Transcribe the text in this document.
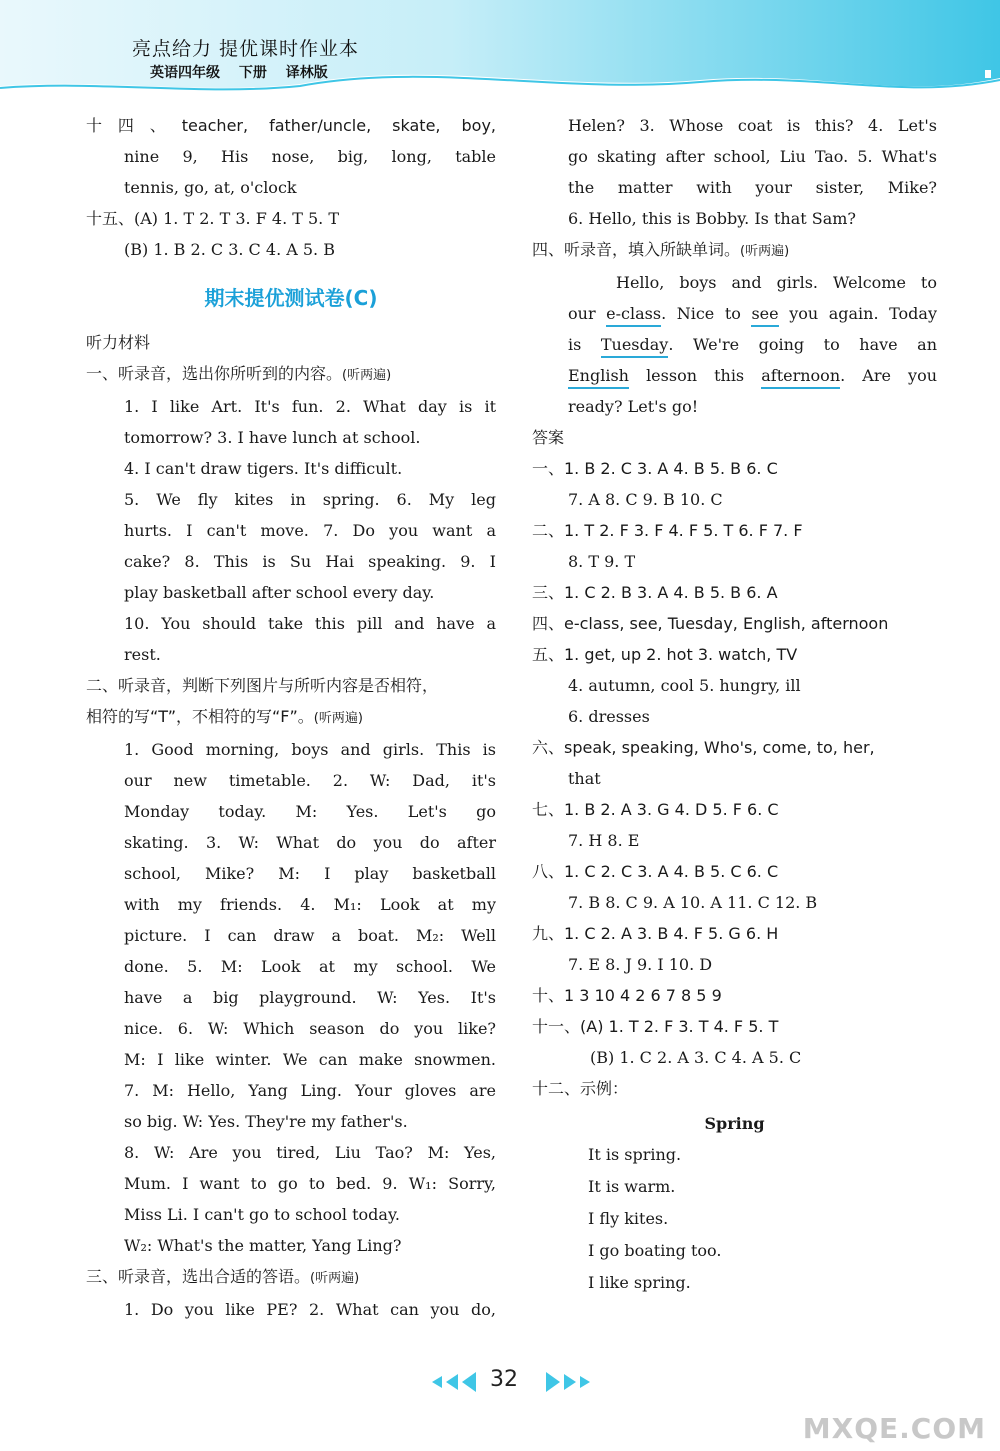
亮点给力 提优课时作业本
英语四年级 下册 译林版
十四、teacher, father/uncle, skate, boy,
nine 9, His nose, big, long, table
tennis, go, at, o'clock
十五、(A) 1. T 2. T 3. F 4. T 5. T
(B) 1. B 2. C 3. C 4. A 5. B
期末提优测试卷(C)
听力材料
一、听录音，选出你所听到的内容。(听两遍)
1. I like Art. It's fun. 2. What day is it
tomorrow? 3. I have lunch at school.
4. I can't draw tigers. It's difficult.
5. We fly kites in spring. 6. My leg
hurts. I can't move. 7. Do you want a
cake? 8. This is Su Hai speaking. 9. I
play basketball after school every day.
10. You should take this pill and have a
rest.
二、听录音，判断下列图片与所听内容是否相符，
相符的写“T”，不相符的写“F”。(听两遍)
1. Good morning, boys and girls. This is
our new timetable. 2. W: Dad, it's
Monday today. M: Yes. Let's go
skating. 3. W: What do you do after
school, Mike? M: I play basketball
with my friends. 4. M₁: Look at my
picture. I can draw a boat. M₂: Well
done. 5. M: Look at my school. We
have a big playground. W: Yes. It's
nice. 6. W: Which season do you like?
M: I like winter. We can make snowmen.
7. M: Hello, Yang Ling. Your gloves are
so big. W: Yes. They're my father's.
8. W: Are you tired, Liu Tao? M: Yes,
Mum. I want to go to bed. 9. W₁: Sorry,
Miss Li. I can't go to school today.
W₂: What's the matter, Yang Ling?
三、听录音，选出合适的答语。(听两遍)
1. Do you like PE? 2. What can you do,
Helen? 3. Whose coat is this? 4. Let's
go skating after school, Liu Tao. 5. What's
the matter with your sister, Mike?
6. Hello, this is Bobby. Is that Sam?
四、听录音，填入所缺单词。(听两遍)
Hello, boys and girls. Welcome to
our e-class. Nice to see you again. Today
is Tuesday. We're going to have an
English lesson this afternoon. Are you
ready? Let's go!
答案
一、1. B 2. C 3. A 4. B 5. B 6. C
7. A 8. C 9. B 10. C
二、1. T 2. F 3. F 4. F 5. T 6. F 7. F
8. T 9. T
三、1. C 2. B 3. A 4. B 5. B 6. A
四、e-class, see, Tuesday, English, afternoon
五、1. get, up 2. hot 3. watch, TV
4. autumn, cool 5. hungry, ill
6. dresses
六、speak, speaking, Who's, come, to, her,
that
七、1. B 2. A 3. G 4. D 5. F 6. C
7. H 8. E
八、1. C 2. C 3. A 4. B 5. C 6. C
7. B 8. C 9. A 10. A 11. C 12. B
九、1. C 2. A 3. B 4. F 5. G 6. H
7. E 8. J 9. I 10. D
十、1 3 10 4 2 6 7 8 5 9
十一、(A) 1. T 2. F 3. T 4. F 5. T
(B) 1. C 2. A 3. C 4. A 5. C
十二、示例：
Spring
It is spring.
It is warm.
I fly kites.
I go boating too.
I like spring.
32
MXQE.COM
